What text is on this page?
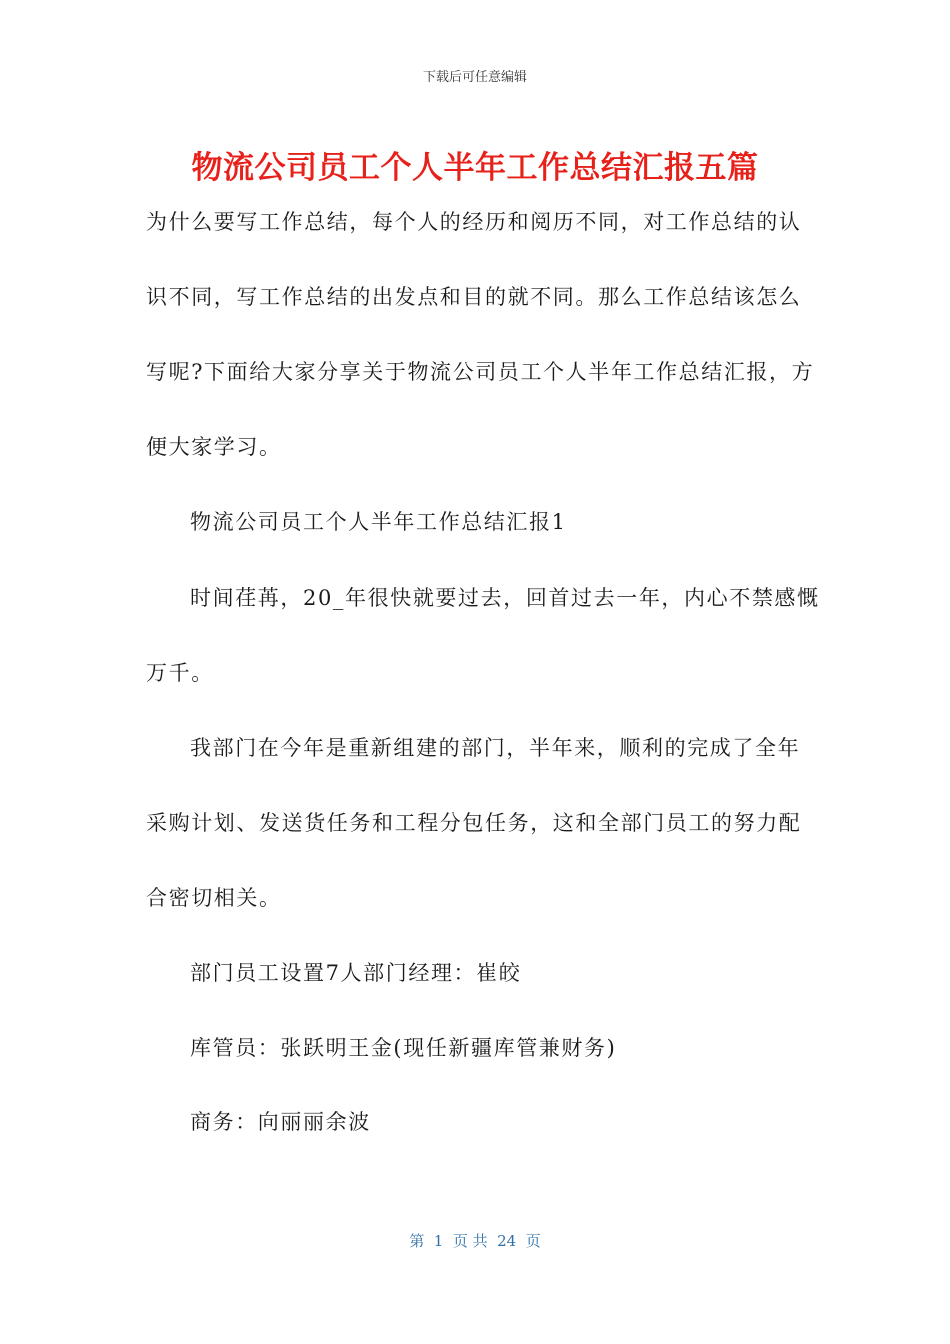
下载后可任意编辑
物流公司员工个人半年工作总结汇报五篇
为什么要写工作总结，每个人的经历和阅历不同，对工作总结的认
识不同，写工作总结的出发点和目的就不同。那么工作总结该怎么
写呢?下面给大家分享关于物流公司员工个人半年工作总结汇报，方
便大家学习。
物流公司员工个人半年工作总结汇报1
时间荏苒，20_年很快就要过去，回首过去一年，内心不禁感慨
万千。
我部门在今年是重新组建的部门，半年来，顺利的完成了全年
采购计划、发送货任务和工程分包任务，这和全部门员工的努力配
合密切相关。
部门员工设置7人部门经理：崔皎
库管员：张跃明王金(现任新疆库管兼财务)
商务：向丽丽余波
第  1  页 共  24  页
